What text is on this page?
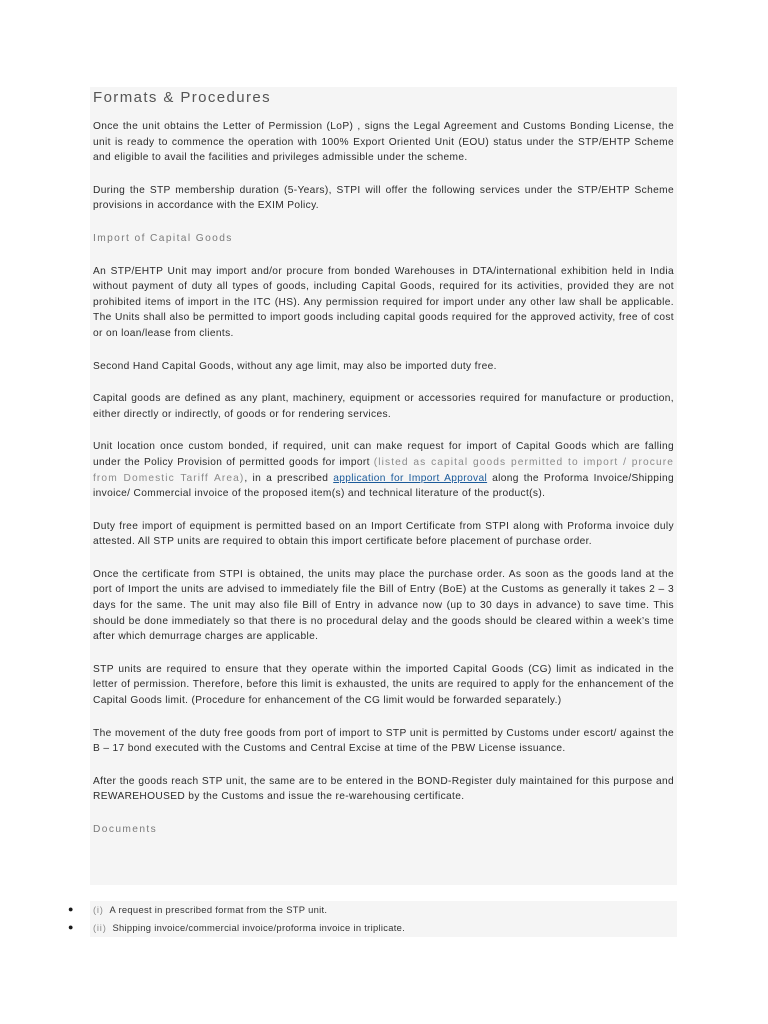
Formats & Procedures

Once the unit obtains the Letter of Permission (LoP) , signs the Legal Agreement and Customs Bonding License, the unit is ready to commence the operation with 100% Export Oriented Unit (EOU) status under the STP/EHTP Scheme and eligible to avail the facilities and privileges admissible under the scheme.

During the STP membership duration (5-Years), STPI will offer the following services under the STP/EHTP Scheme provisions in accordance with the EXIM Policy.

Import of Capital Goods

An STP/EHTP Unit may import and/or procure from bonded Warehouses in DTA/international exhibition held in India without payment of duty all types of goods, including Capital Goods, required for its activities, provided they are not prohibited items of import in the ITC (HS). Any permission required for import under any other law shall be applicable. The Units shall also be permitted to import goods including capital goods required for the approved activity, free of cost or on loan/lease from clients.

Second Hand Capital Goods, without any age limit, may also be imported duty free.

Capital goods are defined as any plant, machinery, equipment or accessories required for manufacture or production, either directly or indirectly, of goods or for rendering services.

Unit location once custom bonded, if required, unit can make request for import of Capital Goods which are falling under the Policy Provision of permitted goods for import (listed as capital goods permitted to import / procure from Domestic Tariff Area), in a prescribed application for Import Approval along the Proforma Invoice/Shipping invoice/ Commercial invoice of the proposed item(s) and technical literature of the product(s).

Duty free import of equipment is permitted based on an Import Certificate from STPI along with Proforma invoice duly attested. All STP units are required to obtain this import certificate before placement of purchase order.

Once the certificate from STPI is obtained, the units may place the purchase order. As soon as the goods land at the port of Import the units are advised to immediately file the Bill of Entry (BoE) at the Customs as generally it takes 2 – 3 days for the same. The unit may also file Bill of Entry in advance now (up to 30 days in advance) to save time. This should be done immediately so that there is no procedural delay and the goods should be cleared within a week’s time after which demurrage charges are applicable.

STP units are required to ensure that they operate within the imported Capital Goods (CG) limit as indicated in the letter of permission. Therefore, before this limit is exhausted, the units are required to apply for the enhancement of the Capital Goods limit. (Procedure for enhancement of the CG limit would be forwarded separately.)

The movement of the duty free goods from port of import to STP unit is permitted by Customs under escort/ against the B – 17 bond executed with the Customs and Central Excise at time of the PBW License issuance.

After the goods reach STP unit, the same are to be entered in the BOND-Register duly maintained for this purpose and REWAREHOUSED by the Customs and issue the re-warehousing certificate.

Documents

●	(i) A request in prescribed format from the STP unit.
●	(ii) Shipping invoice/commercial invoice/proforma invoice in triplicate.
